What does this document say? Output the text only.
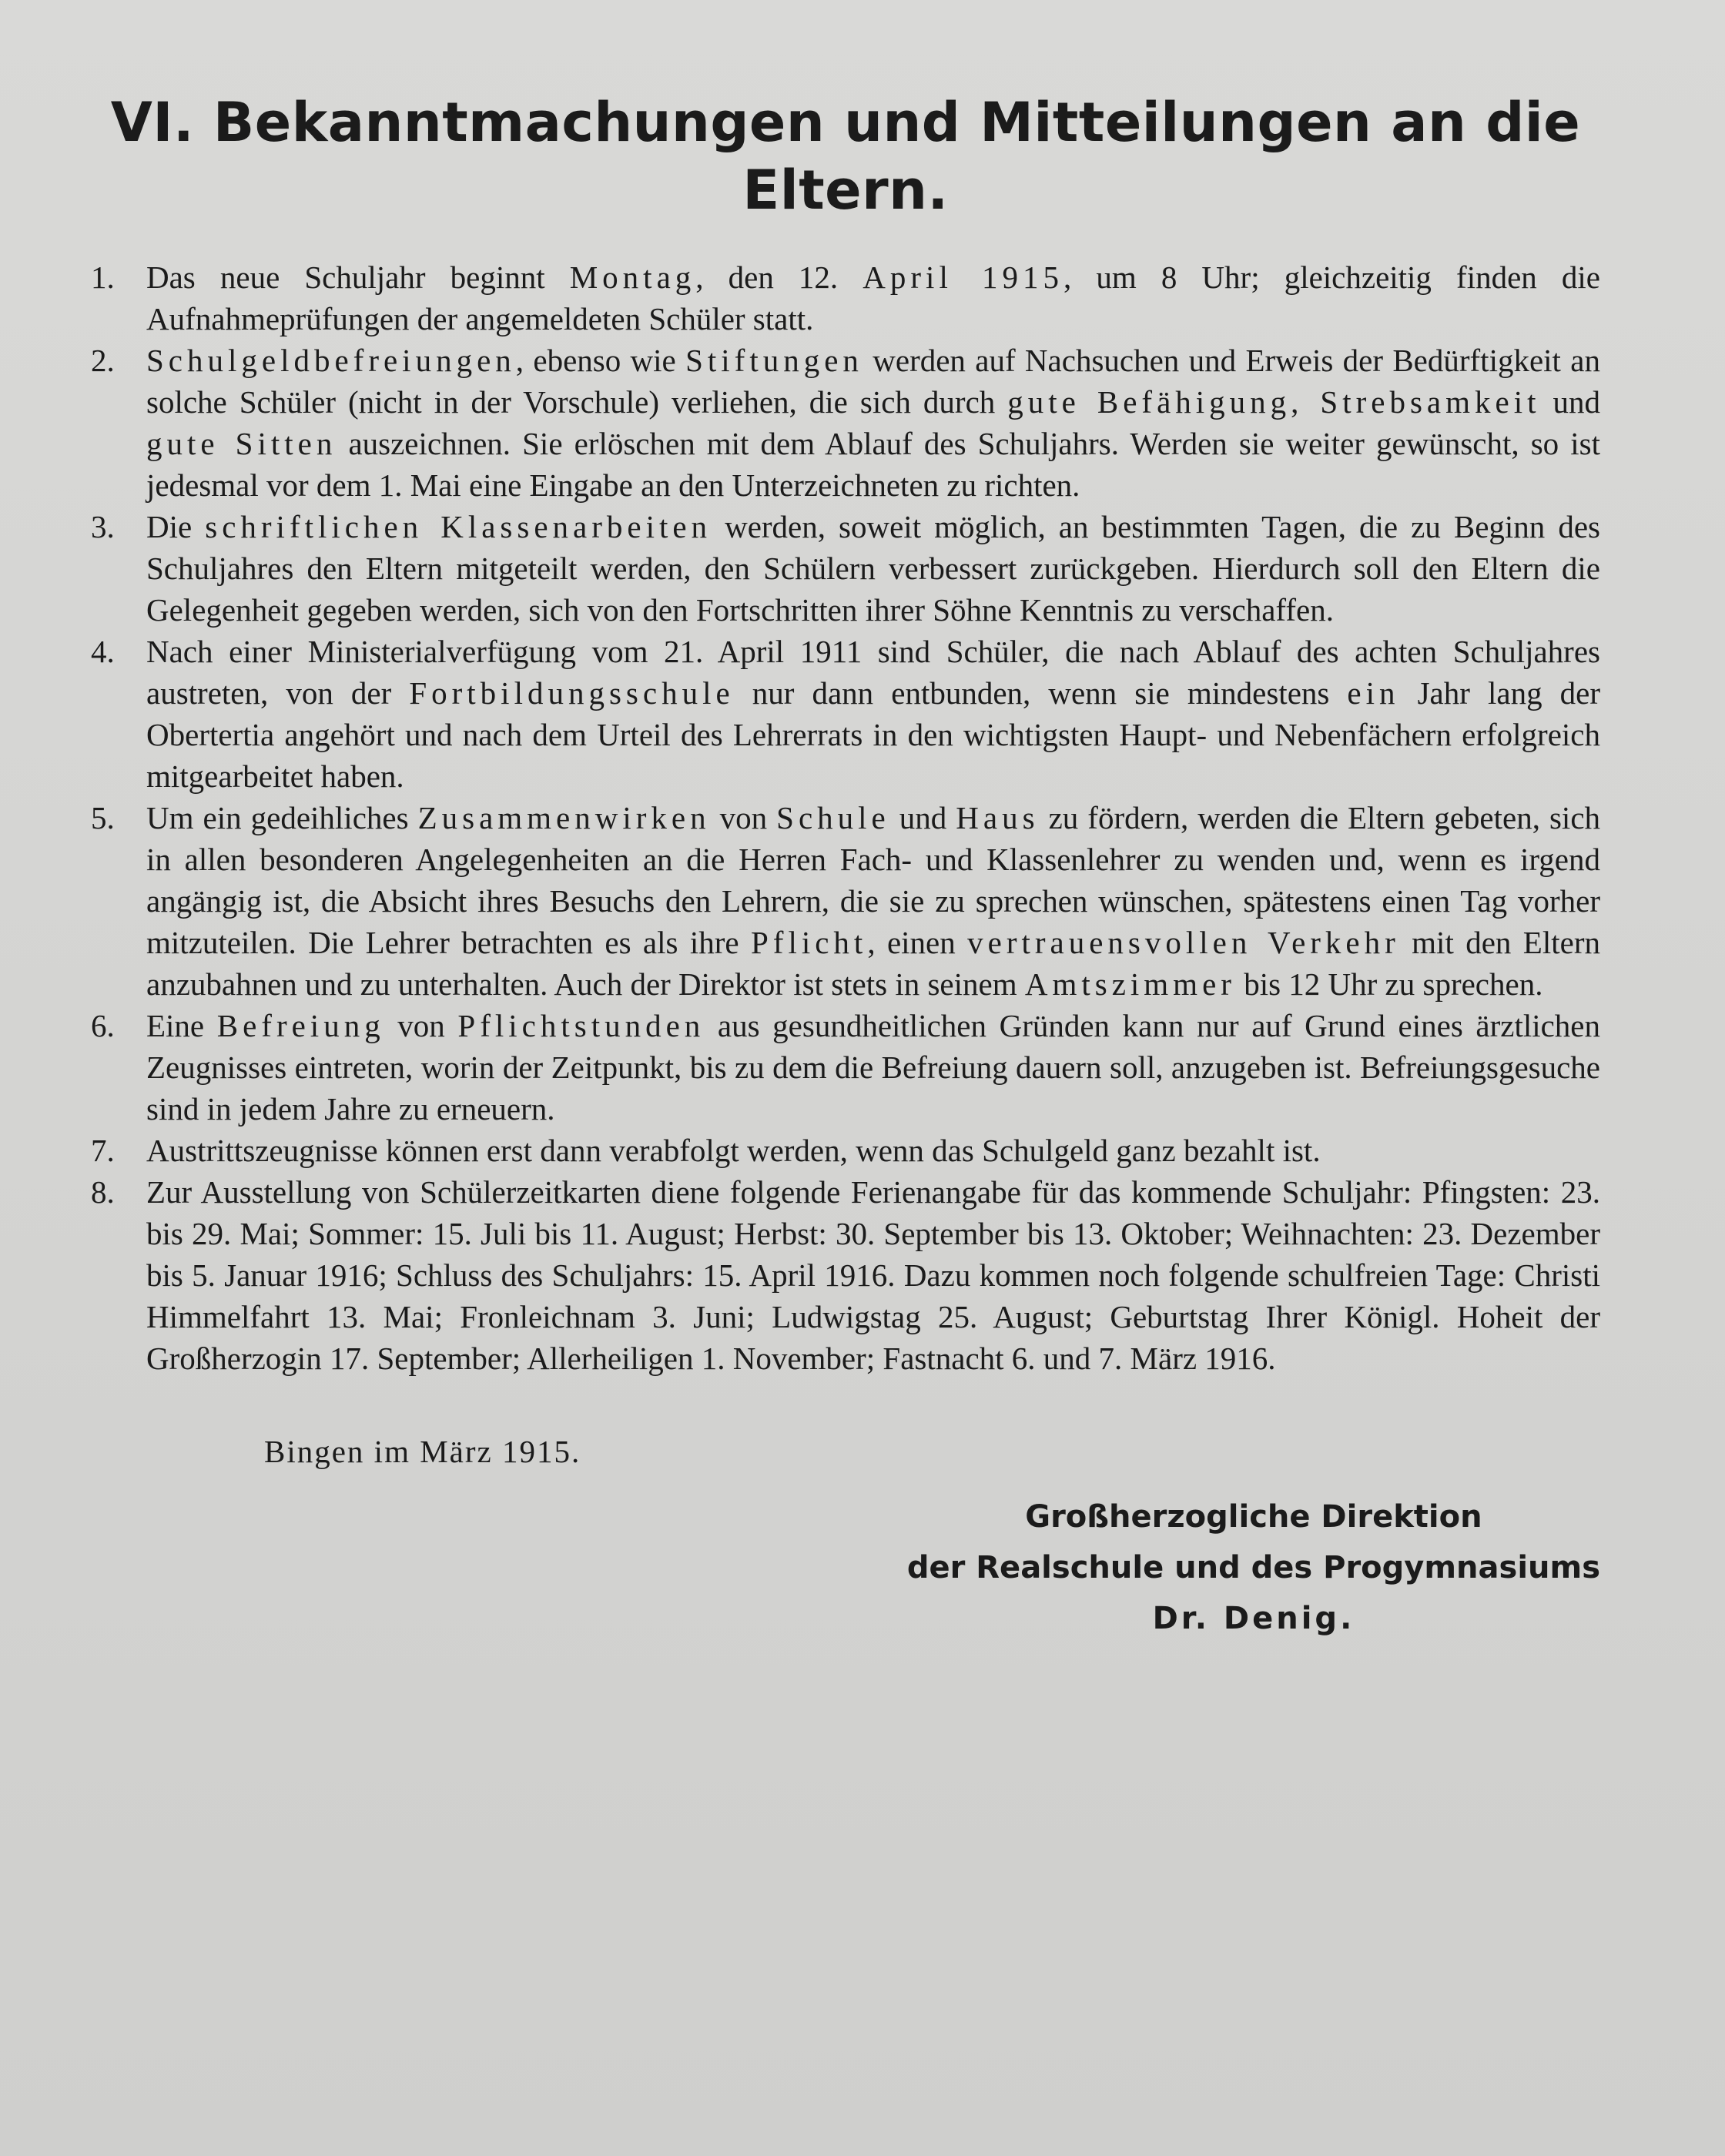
VI. Bekanntmachungen und Mitteilungen an die Eltern.
1.	Das neue Schuljahr beginnt Montag, den 12. April 1915, um 8 Uhr; gleichzeitig finden die Aufnahmeprüfungen der angemeldeten Schüler statt.
2.	Schulgeldbefreiungen, ebenso wie Stiftungen werden auf Nachsuchen und Erweis der Bedürftigkeit an solche Schüler (nicht in der Vorschule) verliehen, die sich durch gute Befähigung, Strebsamkeit und gute Sitten auszeichnen. Sie erlöschen mit dem Ablauf des Schuljahrs. Werden sie weiter gewünscht, so ist jedesmal vor dem 1. Mai eine Eingabe an den Unterzeichneten zu richten.
3.	Die schriftlichen Klassenarbeiten werden, soweit möglich, an bestimmten Tagen, die zu Beginn des Schuljahres den Eltern mitgeteilt werden, den Schülern verbessert zurückgeben. Hierdurch soll den Eltern die Gelegenheit gegeben werden, sich von den Fortschritten ihrer Söhne Kenntnis zu verschaffen.
4.	Nach einer Ministerialverfügung vom 21. April 1911 sind Schüler, die nach Ablauf des achten Schuljahres austreten, von der Fortbildungsschule nur dann entbunden, wenn sie mindestens ein Jahr lang der Obertertia angehört und nach dem Urteil des Lehrerrats in den wichtigsten Haupt- und Nebenfächern erfolgreich mitgearbeitet haben.
5.	Um ein gedeihliches Zusammenwirken von Schule und Haus zu fördern, werden die Eltern gebeten, sich in allen besonderen Angelegenheiten an die Herren Fach- und Klassenlehrer zu wenden und, wenn es irgend angängig ist, die Absicht ihres Besuchs den Lehrern, die sie zu sprechen wünschen, spätestens einen Tag vorher mitzuteilen. Die Lehrer betrachten es als ihre Pflicht, einen vertrauensvollen Verkehr mit den Eltern anzubahnen und zu unterhalten. Auch der Direktor ist stets in seinem Amtszimmer bis 12 Uhr zu sprechen.
6.	Eine Befreiung von Pflichtstunden aus gesundheitlichen Gründen kann nur auf Grund eines ärztlichen Zeugnisses eintreten, worin der Zeitpunkt, bis zu dem die Befreiung dauern soll, anzugeben ist. Befreiungsgesuche sind in jedem Jahre zu erneuern.
7.	Austrittszeugnisse können erst dann verabfolgt werden, wenn das Schulgeld ganz bezahlt ist.
8.	Zur Ausstellung von Schülerzeitkarten diene folgende Ferienangabe für das kommende Schuljahr: Pfingsten: 23. bis 29. Mai; Sommer: 15. Juli bis 11. August; Herbst: 30. September bis 13. Oktober; Weihnachten: 23. Dezember bis 5. Januar 1916; Schluss des Schuljahrs: 15. April 1916. Dazu kommen noch folgende schulfreien Tage: Christi Himmelfahrt 13. Mai; Fronleichnam 3. Juni; Ludwigstag 25. August; Geburtstag Ihrer Königl. Hoheit der Großherzogin 17. September; Allerheiligen 1. November; Fastnacht 6. und 7. März 1916.
Bingen im März 1915.
Großherzogliche Direktion
der Realschule und des Progymnasiums
Dr. Denig.
